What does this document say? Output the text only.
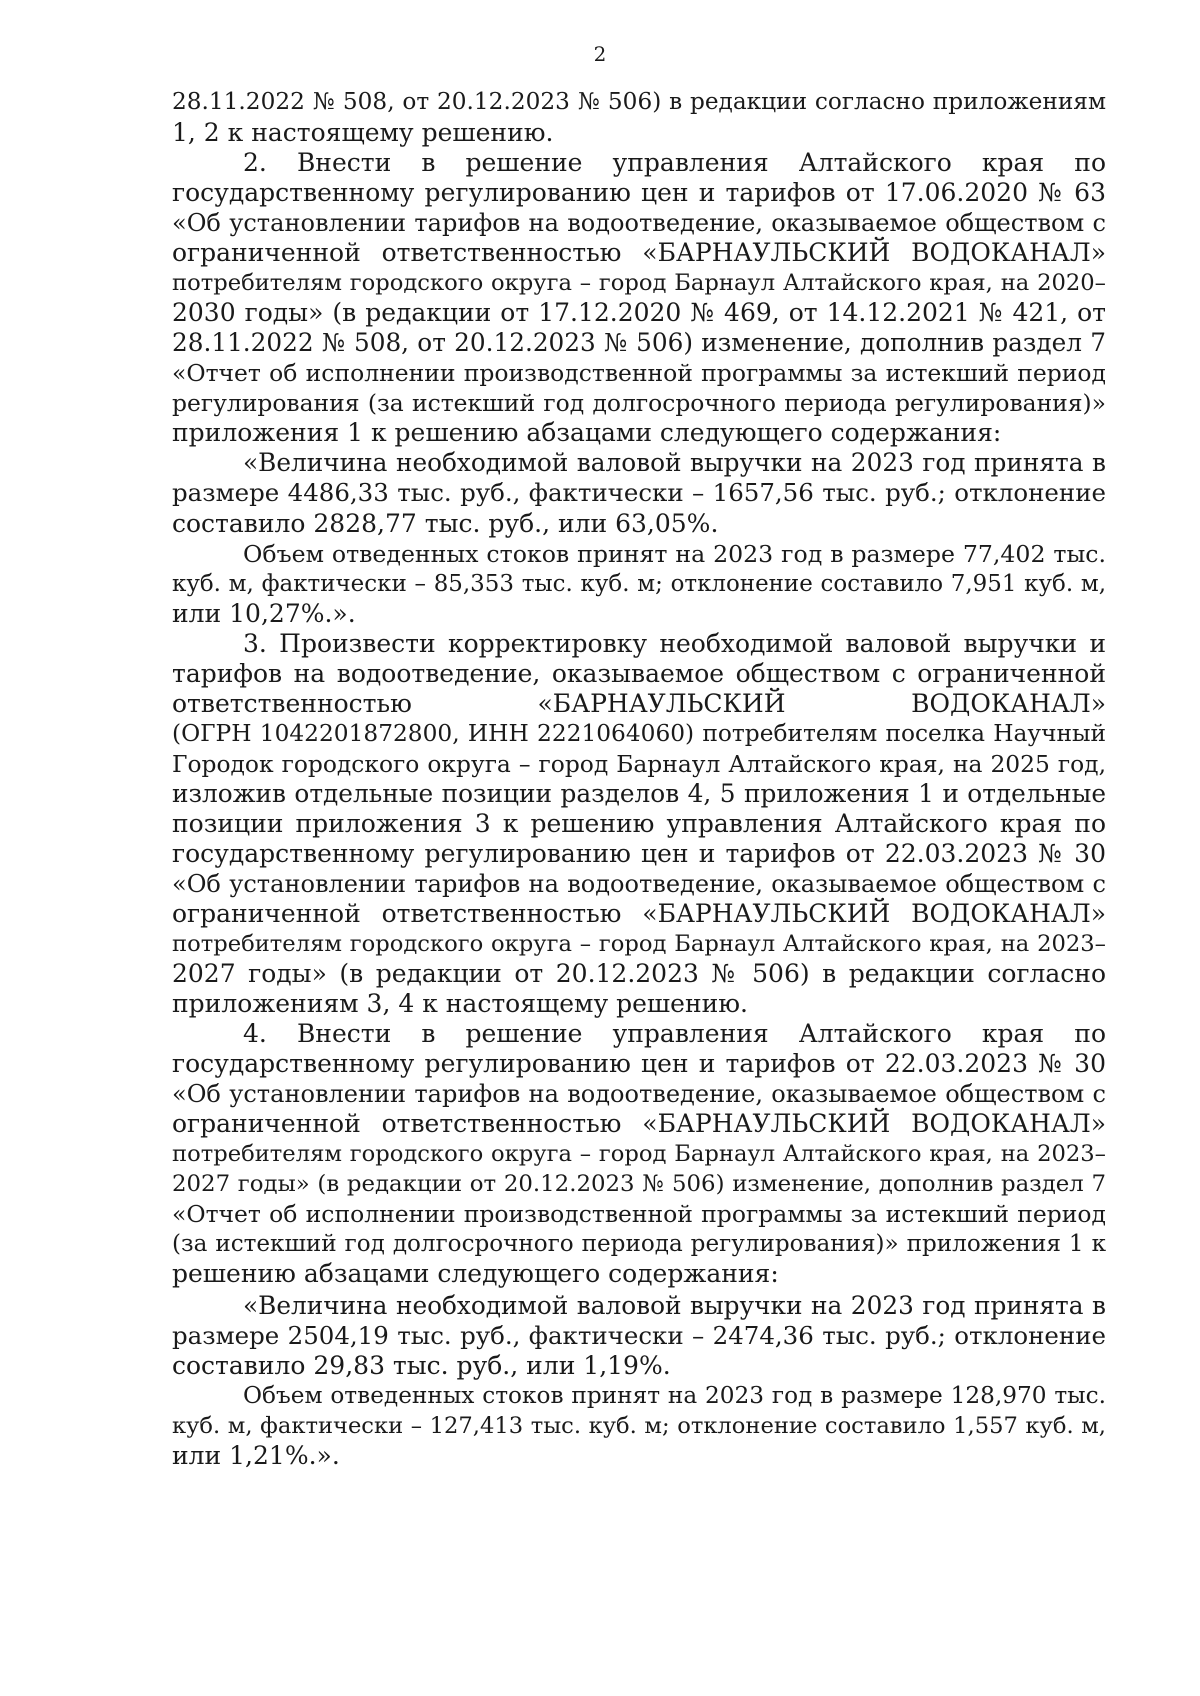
2
28.11.2022 № 508, от 20.12.2023 № 506) в редакции согласно приложениям
1, 2 к настоящему решению.
2. Внести в решение управления Алтайского края по
государственному регулированию цен и тарифов от 17.06.2020 № 63
«Об установлении тарифов на водоотведение, оказываемое обществом с
ограниченной ответственностью «БАРНАУЛЬСКИЙ ВОДОКАНАЛ»
потребителям городского округа – город Барнаул Алтайского края, на 2020–
2030 годы» (в редакции от 17.12.2020 № 469, от 14.12.2021 № 421, от
28.11.2022 № 508, от 20.12.2023 № 506) изменение, дополнив раздел 7
«Отчет об исполнении производственной программы за истекший период
регулирования (за истекший год долгосрочного периода регулирования)»
приложения 1 к решению абзацами следующего содержания:
«Величина необходимой валовой выручки на 2023 год принята в
размере 4486,33 тыс. руб., фактически – 1657,56 тыс. руб.; отклонение
составило 2828,77 тыс. руб., или 63,05%.
Объем отведенных стоков принят на 2023 год в размере 77,402 тыс.
куб. м, фактически – 85,353 тыс. куб. м; отклонение составило 7,951 куб. м,
или 10,27%.».
3. Произвести корректировку необходимой валовой выручки и
тарифов на водоотведение, оказываемое обществом с ограниченной
ответственностью «БАРНАУЛЬСКИЙ ВОДОКАНАЛ»
(ОГРН 1042201872800, ИНН 2221064060) потребителям поселка Научный
Городок городского округа – город Барнаул Алтайского края, на 2025 год,
изложив отдельные позиции разделов 4, 5 приложения 1 и отдельные
позиции приложения 3 к решению управления Алтайского края по
государственному регулированию цен и тарифов от 22.03.2023 № 30
«Об установлении тарифов на водоотведение, оказываемое обществом с
ограниченной ответственностью «БАРНАУЛЬСКИЙ ВОДОКАНАЛ»
потребителям городского округа – город Барнаул Алтайского края, на 2023–
2027 годы» (в редакции от 20.12.2023 № 506) в редакции согласно
приложениям 3, 4 к настоящему решению.
4. Внести в решение управления Алтайского края по
государственному регулированию цен и тарифов от 22.03.2023 № 30
«Об установлении тарифов на водоотведение, оказываемое обществом с
ограниченной ответственностью «БАРНАУЛЬСКИЙ ВОДОКАНАЛ»
потребителям городского округа – город Барнаул Алтайского края, на 2023–
2027 годы» (в редакции от 20.12.2023 № 506) изменение, дополнив раздел 7
«Отчет об исполнении производственной программы за истекший период
(за истекший год долгосрочного периода регулирования)» приложения 1 к
решению абзацами следующего содержания:
«Величина необходимой валовой выручки на 2023 год принята в
размере 2504,19 тыс. руб., фактически – 2474,36 тыс. руб.; отклонение
составило 29,83 тыс. руб., или 1,19%.
Объем отведенных стоков принят на 2023 год в размере 128,970 тыс.
куб. м, фактически – 127,413 тыс. куб. м; отклонение составило 1,557 куб. м,
или 1,21%.».
